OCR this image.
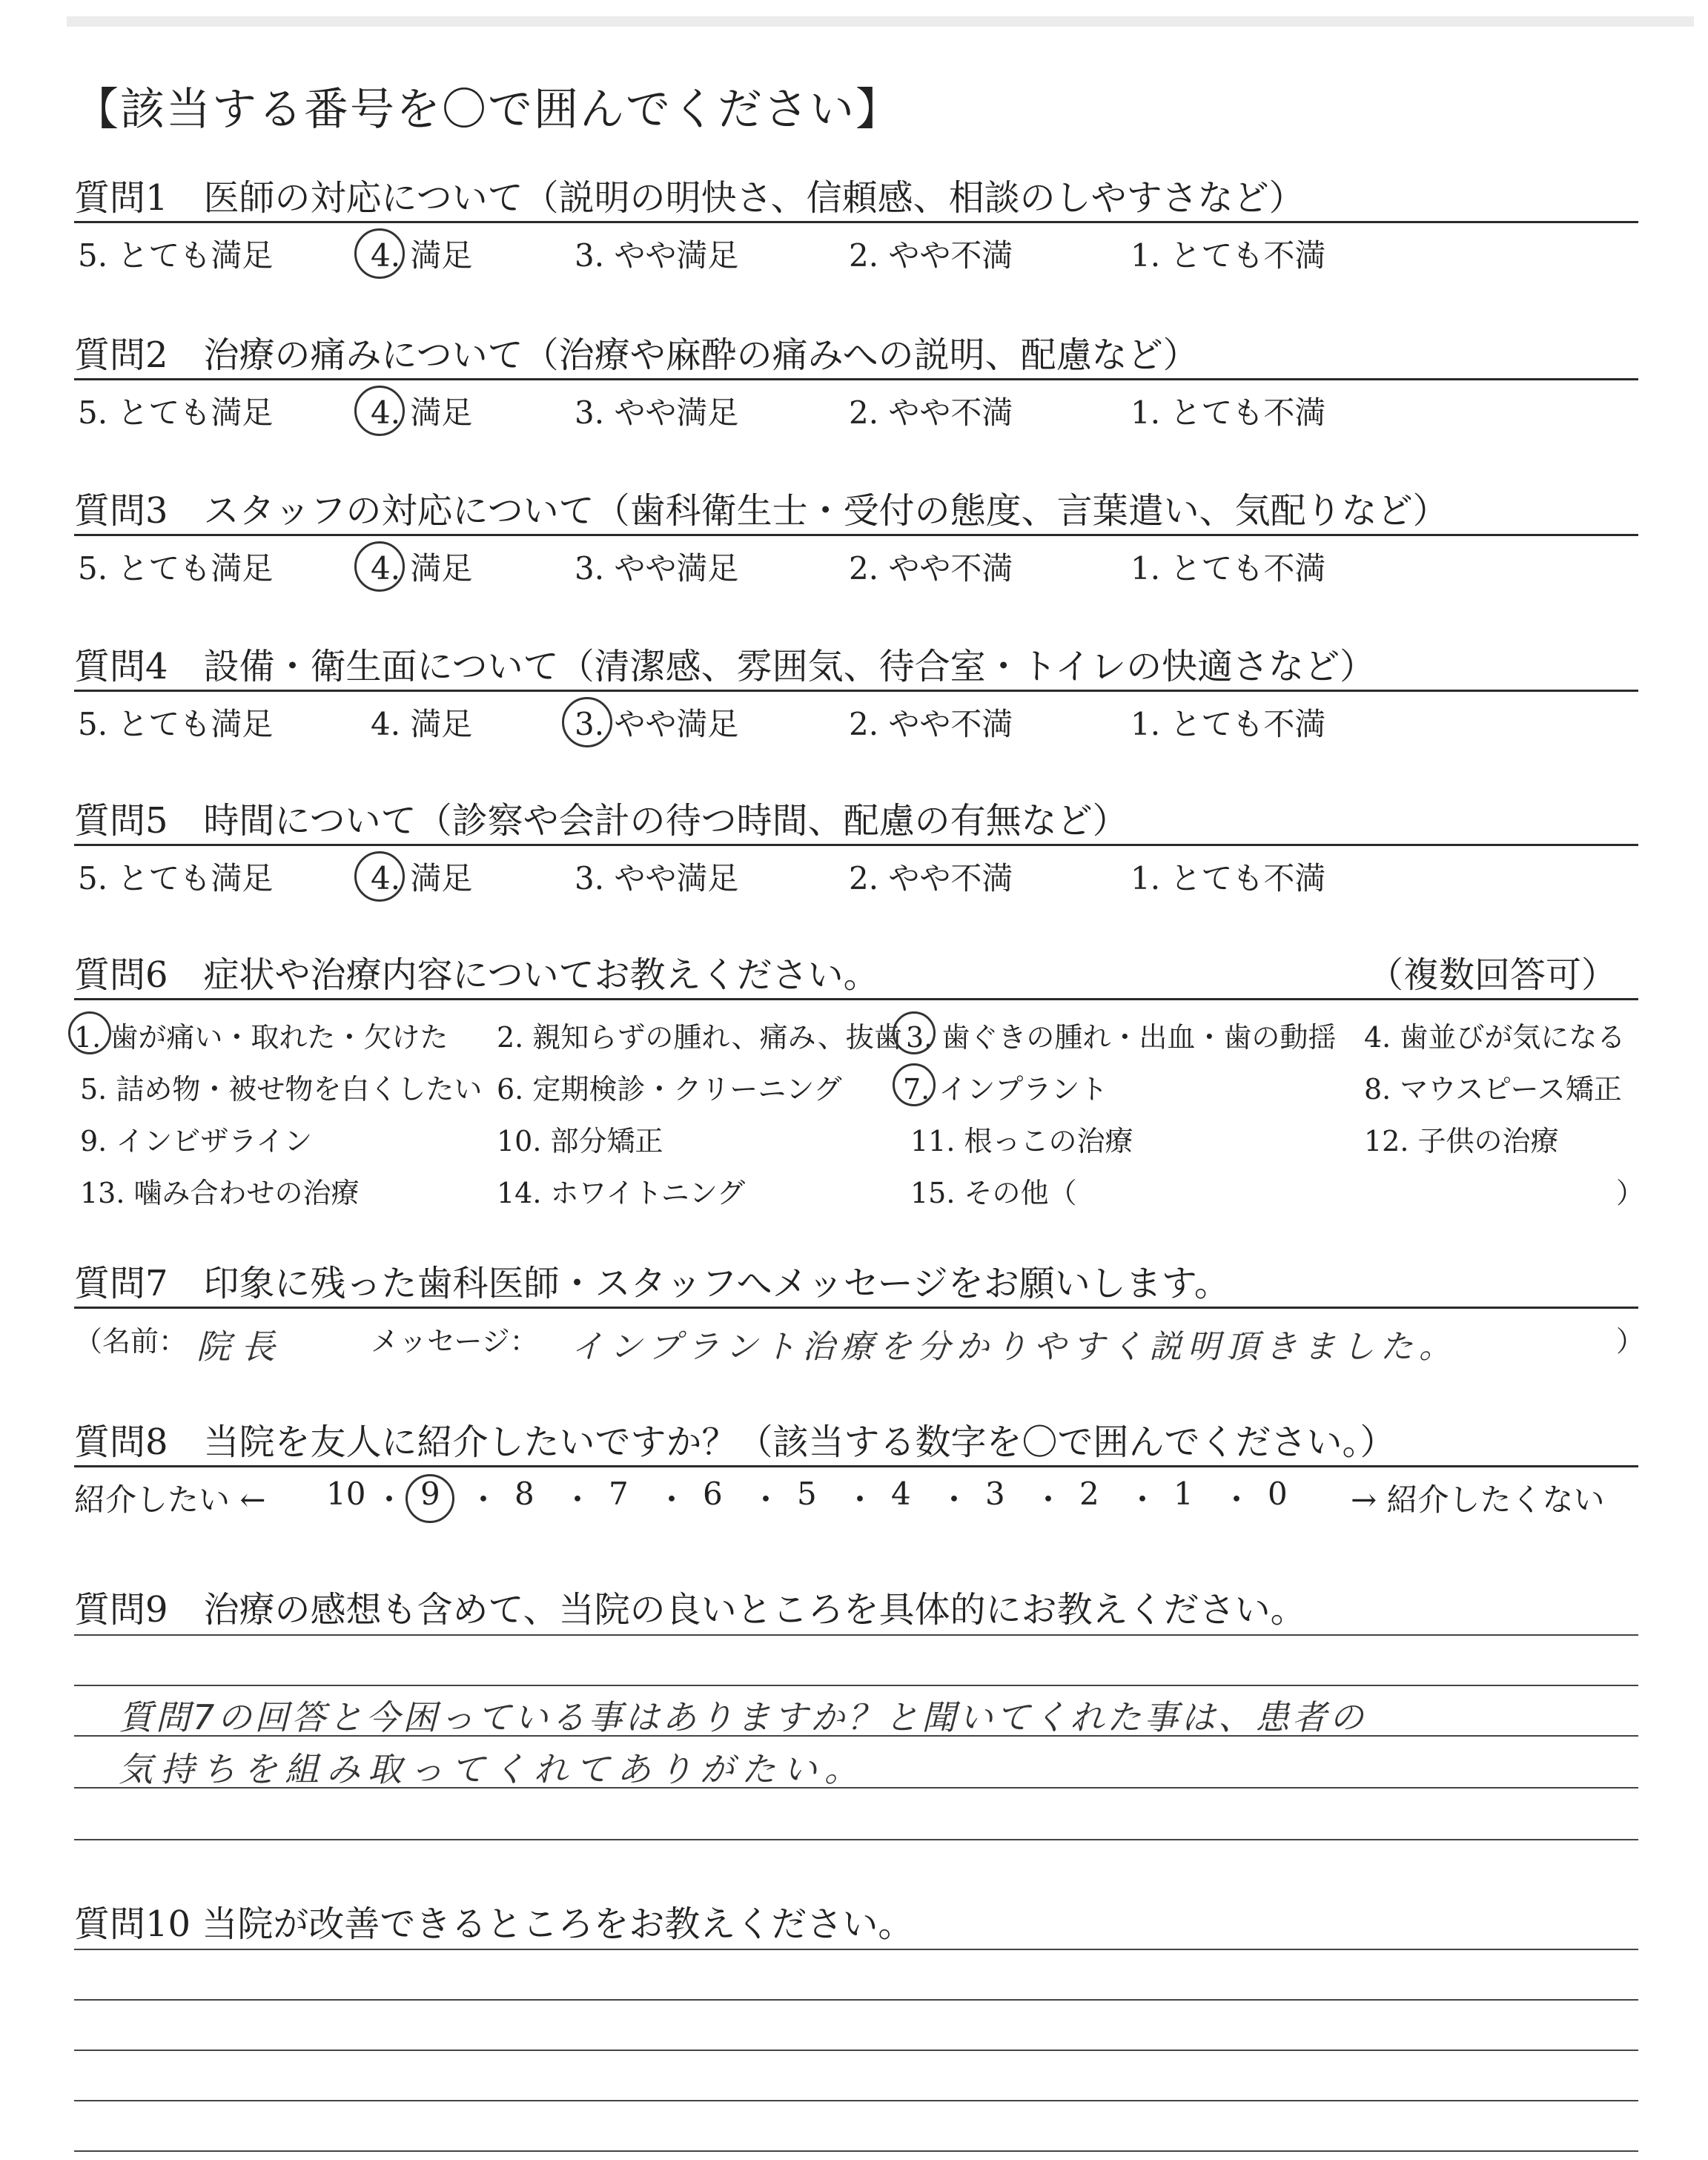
【該当する番号を〇で囲んでください】
質問1　医師の対応について（説明の明快さ、信頼感、相談のしやすさなど）
5. とても満足	4. 満足	3. やや満足	2. やや不満	1. とても不満
質問2　治療の痛みについて（治療や麻酔の痛みへの説明、配慮など）
5. とても満足	4. 満足	3. やや満足	2. やや不満	1. とても不満
質問3　スタッフの対応について（歯科衛生士・受付の態度、言葉遣い、気配りなど）
5. とても満足	4. 満足	3. やや満足	2. やや不満	1. とても不満
質問4　設備・衛生面について（清潔感、雰囲気、待合室・トイレの快適さなど）
5. とても満足	4. 満足	3. やや満足	2. やや不満	1. とても不満
質問5　時間について（診察や会計の待つ時間、配慮の有無など）
5. とても満足	4. 満足	3. やや満足	2. やや不満	1. とても不満
質問6　症状や治療内容についてお教えください。	（複数回答可）
1. 歯が痛い・取れた・欠けた 2. 親知らずの腫れ、痛み、抜歯 3. 歯ぐきの腫れ・出血・歯の動揺 4. 歯並びが気になる
5. 詰め物・被せ物を白くしたい 6. 定期検診・クリーニング 7. インプラント	8. マウスピース矯正
9. インビザライン	10. 部分矯正	11. 根っこの治療	12. 子供の治療
13. 噛み合わせの治療	14. ホワイトニング	15. その他（	）
質問7　印象に残った歯科医師・スタッフへメッセージをお願いします。
（名前： 院長	メッセージ： インプラント治療を分かりやすく説明頂きました。	）
質問8　当院を友人に紹介したいですか？（該当する数字を〇で囲んでください。）
紹介したい ←	→ 紹介したくない
10 ・ 9 ・ 8 ・ 7 ・ 6 ・ 5 ・ 4 ・ 3 ・ 2 ・ 1 ・ 0
質問9　治療の感想も含めて、当院の良いところを具体的にお教えください。
質問7の回答と今困っている事はありますか？と聞いてくれた事は、患者の
気持ちを組み取ってくれてありがたい。
質問10 当院が改善できるところをお教えください。
